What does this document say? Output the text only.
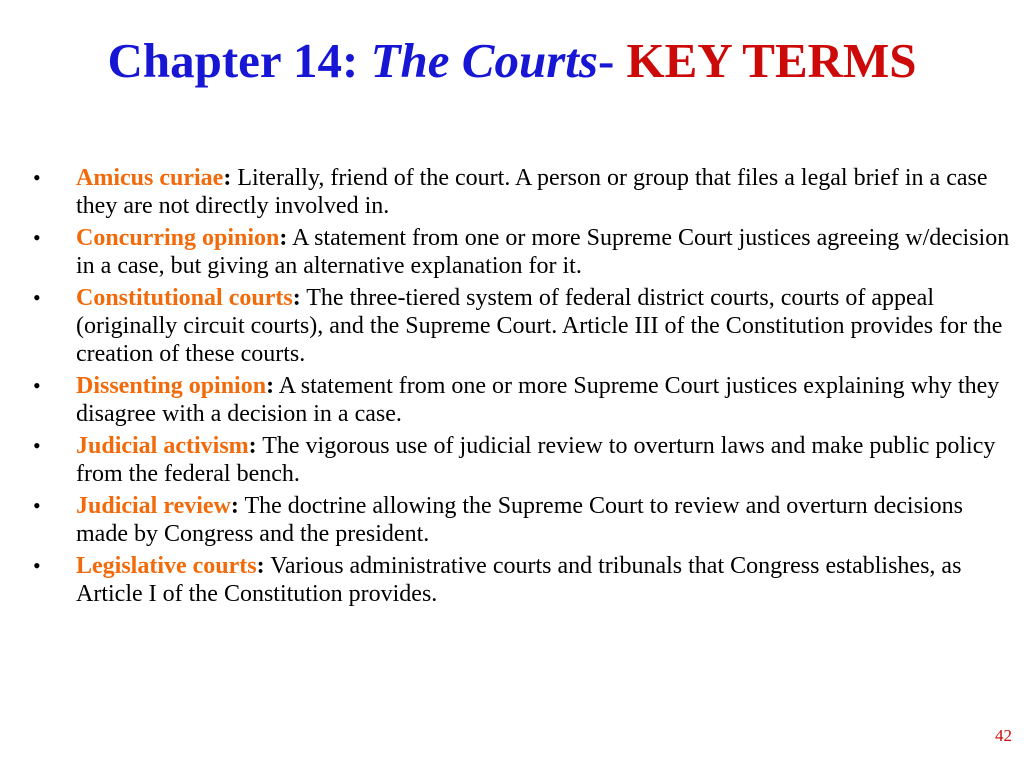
Chapter 14: The Courts- KEY TERMS
• Amicus curiae: Literally, friend of the court. A person or group that files a legal brief in a case they are not directly involved in.
• Concurring opinion: A statement from one or more Supreme Court justices agreeing w/decision in a case, but giving an alternative explanation for it.
• Constitutional courts: The three-tiered system of federal district courts, courts of appeal (originally circuit courts), and the Supreme Court. Article III of the Constitution provides for the creation of these courts.
• Dissenting opinion: A statement from one or more Supreme Court justices explaining why they disagree with a decision in a case.
• Judicial activism: The vigorous use of judicial review to overturn laws and make public policy from the federal bench.
• Judicial review: The doctrine allowing the Supreme Court to review and overturn decisions made by Congress and the president.
• Legislative courts: Various administrative courts and tribunals that Congress establishes, as Article I of the Constitution provides.
42
